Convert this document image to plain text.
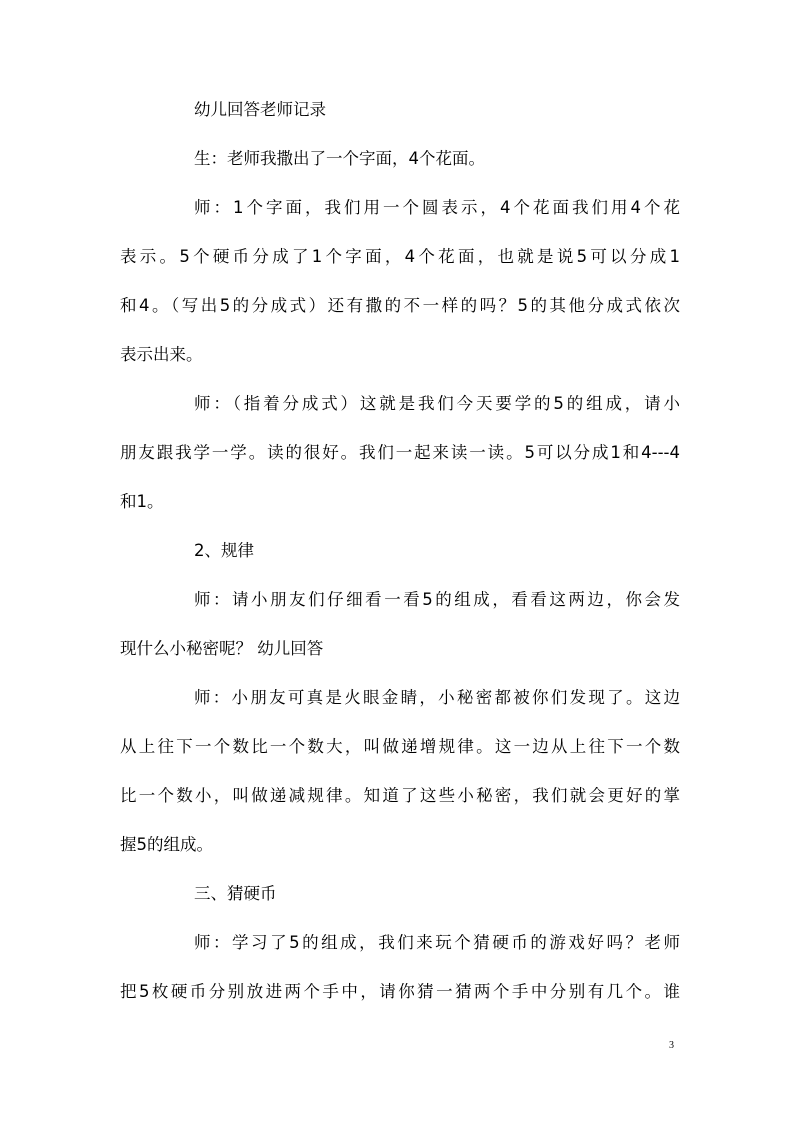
幼儿回答老师记录
生：老师我撒出了一个字面，4个花面。
师：1个字面，我们用一个圆表示，4个花面我们用4个花
表示。5个硬币分成了1个字面，4个花面，也就是说5可以分成1
和4。（写出5的分成式）还有撒的不一样的吗？5的其他分成式依次
表示出来。
师：（指着分成式）这就是我们今天要学的5的组成，请小
朋友跟我学一学。读的很好。我们一起来读一读。5可以分成1和4---4
和1。
2、规律
师：请小朋友们仔细看一看5的组成，看看这两边，你会发
现什么小秘密呢？ 幼儿回答
师：小朋友可真是火眼金睛，小秘密都被你们发现了。这边
从上往下一个数比一个数大，叫做递增规律。这一边从上往下一个数
比一个数小，叫做递减规律。知道了这些小秘密，我们就会更好的掌
握5的组成。
三、猜硬币
师：学习了5的组成，我们来玩个猜硬币的游戏好吗？老师
把5枚硬币分别放进两个手中，请你猜一猜两个手中分别有几个。谁
3
